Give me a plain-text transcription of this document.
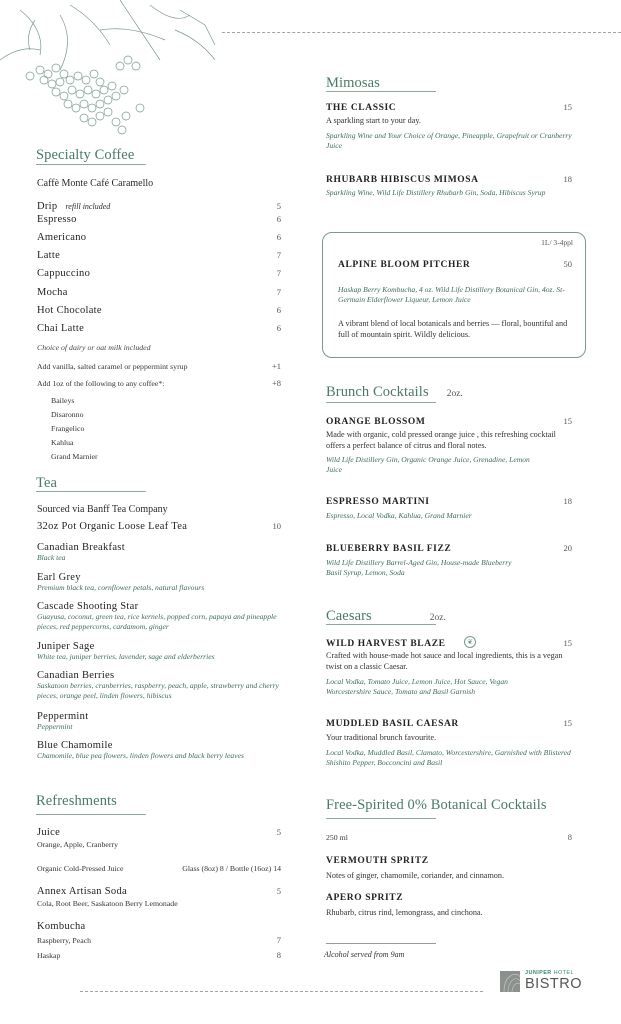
Specialty Coffee
Caffè Monte Café Caramello
Drip refill included	5
Espresso	6
Americano	6
Latte	7
Cappuccino	7
Mocha	7
Hot Chocolate	6
Chai Latte	6
Choice of dairy or oat milk included
Add vanilla, salted caramel or peppermint syrup	+1
Add 1oz of the following to any coffee*:	+8
Baileys
Disaronno
Frangelico
Kahlua
Grand Marnier
Tea
Sourced via Banff Tea Company
32oz Pot Organic Loose Leaf Tea	10
Canadian Breakfast
Black tea
Earl Grey
Premium black tea, cornflower petals, natural flavours
Cascade Shooting Star
Guayusa, coconut, green tea, rice kernels, popped corn, papaya and pineapple pieces, red peppercorns, cardamom, ginger
Juniper Sage
White tea, juniper berries, lavender, sage and elderberries
Canadian Berries
Saskatoon berries, cranberries, raspberry, peach, apple, strawberry and cherry pieces, orange peel, linden flowers, hibiscus
Peppermint
Peppermint
Blue Chamomile
Chamomile, blue pea flowers, linden flowers and black berry leaves
Refreshments
Juice	5
Orange, Apple, Cranberry
Organic Cold-Pressed Juice	Glass (8oz) 8 / Bottle (16oz) 14
Annex Artisan Soda	5
Cola, Root Beer, Saskatoon Berry Lemonade
Kombucha
Raspberry, Peach	7
Haskap	8
Mimosas
THE CLASSIC	15
A sparkling start to your day.
Sparkling Wine and Your Choice of Orange, Pineapple, Grapefruit or Cranberry Juice
RHUBARB HIBISCUS MIMOSA	18
Sparkling Wine, Wild Life Distillery Rhubarb Gin, Soda, Hibiscus Syrup
1L/ 3-4ppl
ALPINE BLOOM PITCHER	50
Haskap Berry Kombucha, 4 oz. Wild Life Distillery Botanical Gin, 4oz. St-Germain Elderflower Liqueur, Lemon Juice
A vibrant blend of local botanicals and berries — floral, bountiful and full of mountain spirit. Wildly delicious.
Brunch Cocktails 2oz.
ORANGE BLOSSOM	15
Made with organic, cold pressed orange juice , this refreshing cocktail offers a perfect balance of citrus and floral notes.
Wild Life Distillery Gin, Organic Orange Juice, Grenadine, Lemon Juice
ESPRESSO MARTINI	18
Espresso, Local Vodka, Kahlua, Grand Marnier
BLUEBERRY BASIL FIZZ	20
Wild Life Distillery Barrel-Aged Gin, House-made Blueberry Basil Syrup, Lemon, Soda
Caesars	2oz.
WILD HARVEST BLAZE	15
❦
Crafted with house-made hot sauce and local ingredients, this is a vegan twist on a classic Caesar.
Local Vodka, Tomato Juice, Lemon Juice, Hot Sauce, Vegan Worcestershire Sauce, Tomato and Basil Garnish
MUDDLED BASIL CAESAR	15
Your traditional brunch favourite.
Local Vodka, Muddled Basil, Clamato, Worcestershire, Garnished with Blistered Shishito Pepper, Bocconcini and Basil
Free-Spirited 0% Botanical Cocktails
250 ml	8
VERMOUTH SPRITZ
Notes of ginger, chamomile, coriander, and cinnamon.
APERO SPRITZ
Rhubarb, citrus rind, lemongrass, and cinchona.
Alcohol served from 9am
JUNIPER HOTEL
BISTRO
